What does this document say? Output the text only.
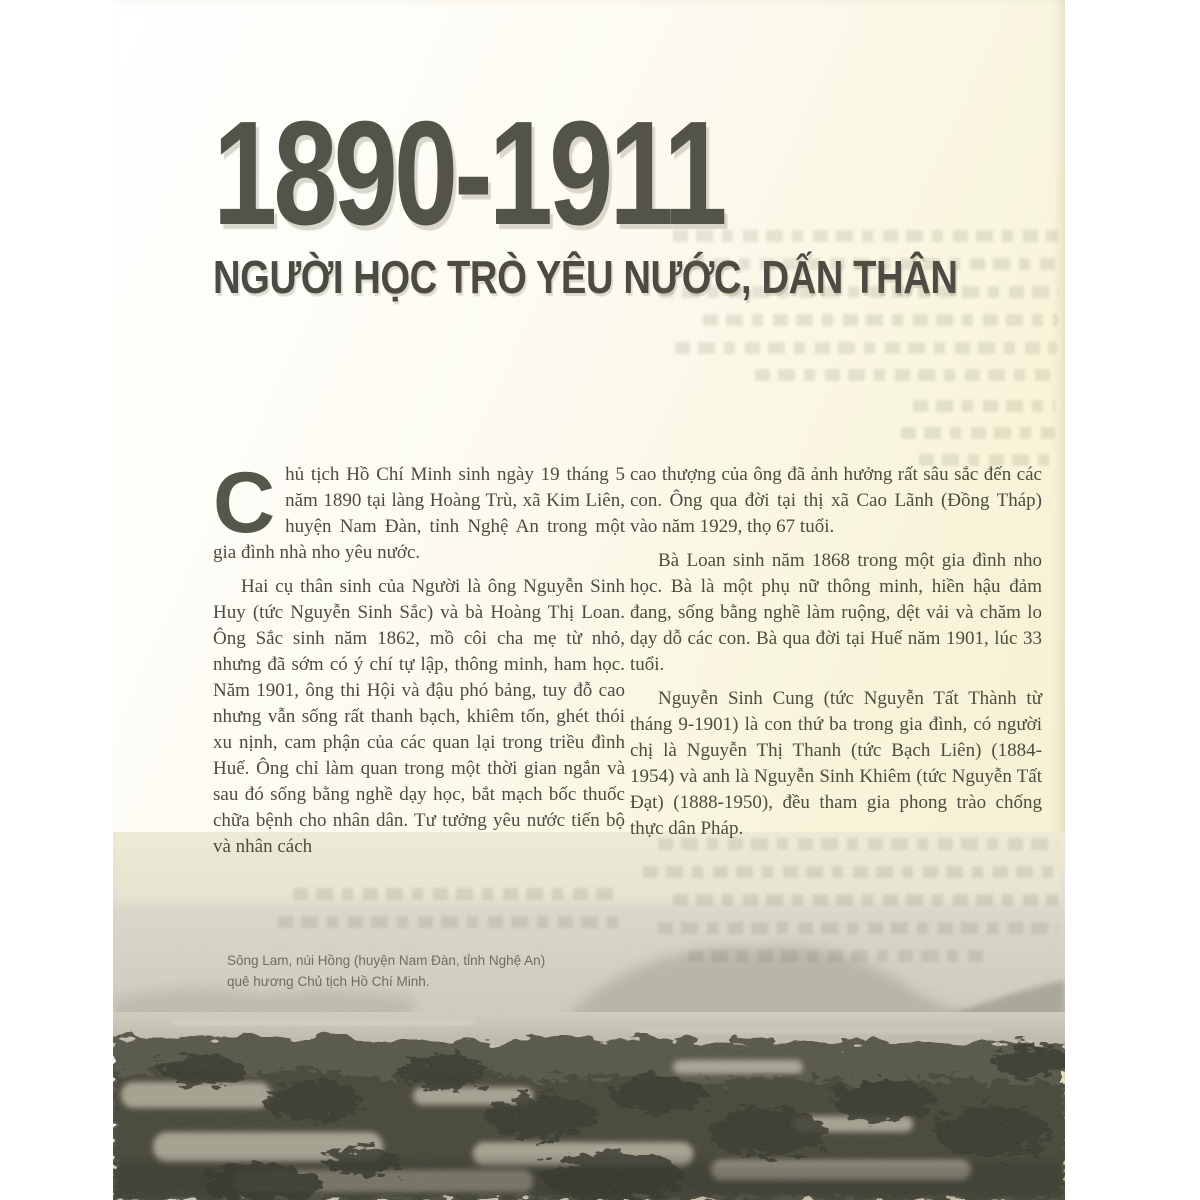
1890-1911
NGƯỜI HỌC TRÒ YÊU NƯỚC, DẤN THÂN
Sông Lam, núi Hồng (huyện Nam Đàn, tỉnh Nghệ An)
quê hương Chủ tịch Hồ Chí Minh.

Chủ tịch Hồ Chí Minh sinh ngày 19 tháng 5 năm 1890 tại làng Hoàng Trù, xã Kim Liên, huyện Nam Đàn, tỉnh Nghệ An trong một gia đình nhà nho yêu nước.

Hai cụ thân sinh của Người là ông Nguyễn Sinh Huy (tức Nguyễn Sinh Sắc) và bà Hoàng Thị Loan. Ông Sắc sinh năm 1862, mồ côi cha mẹ từ nhỏ, nhưng đã sớm có ý chí tự lập, thông minh, ham học. Năm 1901, ông thi Hội và đậu phó bảng, tuy đỗ cao nhưng vẫn sống rất thanh bạch, khiêm tốn, ghét thói xu nịnh, cam phận của các quan lại trong triều đình Huế. Ông chỉ làm quan trong một thời gian ngắn và sau đó sống bằng nghề dạy học, bắt mạch bốc thuốc chữa bệnh cho nhân dân. Tư tưởng yêu nước tiến bộ và nhân cách

cao thượng của ông đã ảnh hưởng rất sâu sắc đến các con. Ông qua đời tại thị xã Cao Lãnh (Đồng Tháp) vào năm 1929, thọ 67 tuổi.

Bà Loan sinh năm 1868 trong một gia đình nho học. Bà là một phụ nữ thông minh, hiền hậu đảm đang, sống bằng nghề làm ruộng, dệt vải và chăm lo dạy dỗ các con. Bà qua đời tại Huế năm 1901, lúc 33 tuổi.

Nguyễn Sinh Cung (tức Nguyễn Tất Thành từ tháng 9-1901) là con thứ ba trong gia đình, có người chị là Nguyễn Thị Thanh (tức Bạch Liên) (1884-1954) và anh là Nguyễn Sinh Khiêm (tức Nguyễn Tất Đạt) (1888-1950), đều tham gia phong trào chống thực dân Pháp.
